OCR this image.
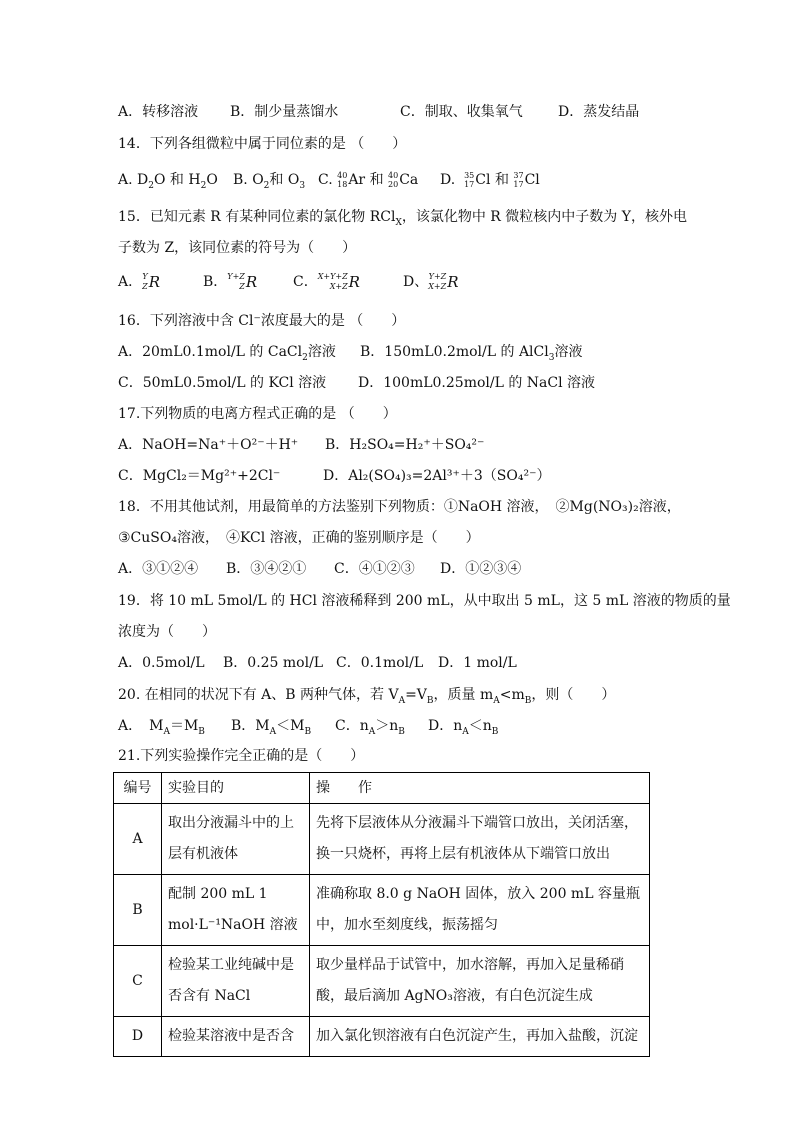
A．转移溶液 B．制少量蒸馏水	C．制取、收集氧气	D．蒸发结晶
14．下列各组微粒中属于同位素的是 （　　）
A. $D_2O$ 和 $H_2O$ B. $O_2$和 $O_3$ C. 40
18 Ar 和 40
20 Ca D. 35
17 Cl 和 37
17 Cl
15．已知元素 R 有某种同位素的氯化物 RCl$_X$，该氯化物中 R 微粒核内中子数为 Y，核外电
子数为 Z，该同位素的符号为（　　）
A． Y
Z R	B． Y+Z
Z R	C． X+Y+Z
X+Z R	D、 Y+Z
X+Z R
16．下列溶液中含 Cl⁻浓度最大的是 （　　）
A．20mL0.1mol/L 的 CaCl$_2$溶液 B．150mL0.2mol/L 的 AlCl$_3$溶液
C．50mL0.5mol/L 的 KCl 溶液 D．100mL0.25mol/L 的 NaCl 溶液
17.下列物质的电离方程式正确的是 （　　）
A．NaOH=Na⁺＋O²⁻＋H⁺ B．H₂SO₄=H₂⁺＋SO₄²⁻
C．MgCl₂＝Mg²⁺+2Cl⁻	D．Al₂(SO₄)₃=2Al³⁺＋3（SO₄²⁻）
18．不用其他试剂，用最简单的方法鉴别下列物质：①NaOH 溶液，　②Mg(NO₃)₂溶液，
③CuSO₄溶液，　④KCl 溶液，正确的鉴别顺序是（　　）
A．③①②④ B．③④②① C．④①②③ D．①②③④
19．将 10 mL 5mol/L 的 HCl 溶液稀释到 200 mL，从中取出 5 mL，这 5 mL 溶液的物质的量
浓度为（　　）
A．0.5mol/L B．0.25 mol/L C．0.1mol/L D．1 mol/L
20. 在相同的状况下有 A、B 两种气体，若 $V_A=V_B$，质量 $m_A<m_B$，则（　　）
A．　$M_A=M_B$ B．$M_A<M_B$ C．$n_A>n_B$ D．$n_A<n_B$
21.下列实验操作完全正确的是（　　）
编号	实验目的	操　　作
A	取出分液漏斗中的上层有机液体	先将下层液体从分液漏斗下端管口放出，关闭活塞，换一只烧杯，再将上层有机液体从下端管口放出
B	配制 200 mL 1 mol·L⁻¹NaOH 溶液	准确称取 8.0 g NaOH 固体，放入 200 mL 容量瓶中，加水至刻度线，振荡摇匀
C	检验某工业纯碱中是否含有 NaCl	取少量样品于试管中，加水溶解，再加入足量稀硝酸，最后滴加 AgNO₃溶液，有白色沉淀生成
D	检验某溶液中是否含	加入氯化钡溶液有白色沉淀产生，再加入盐酸，沉淀
